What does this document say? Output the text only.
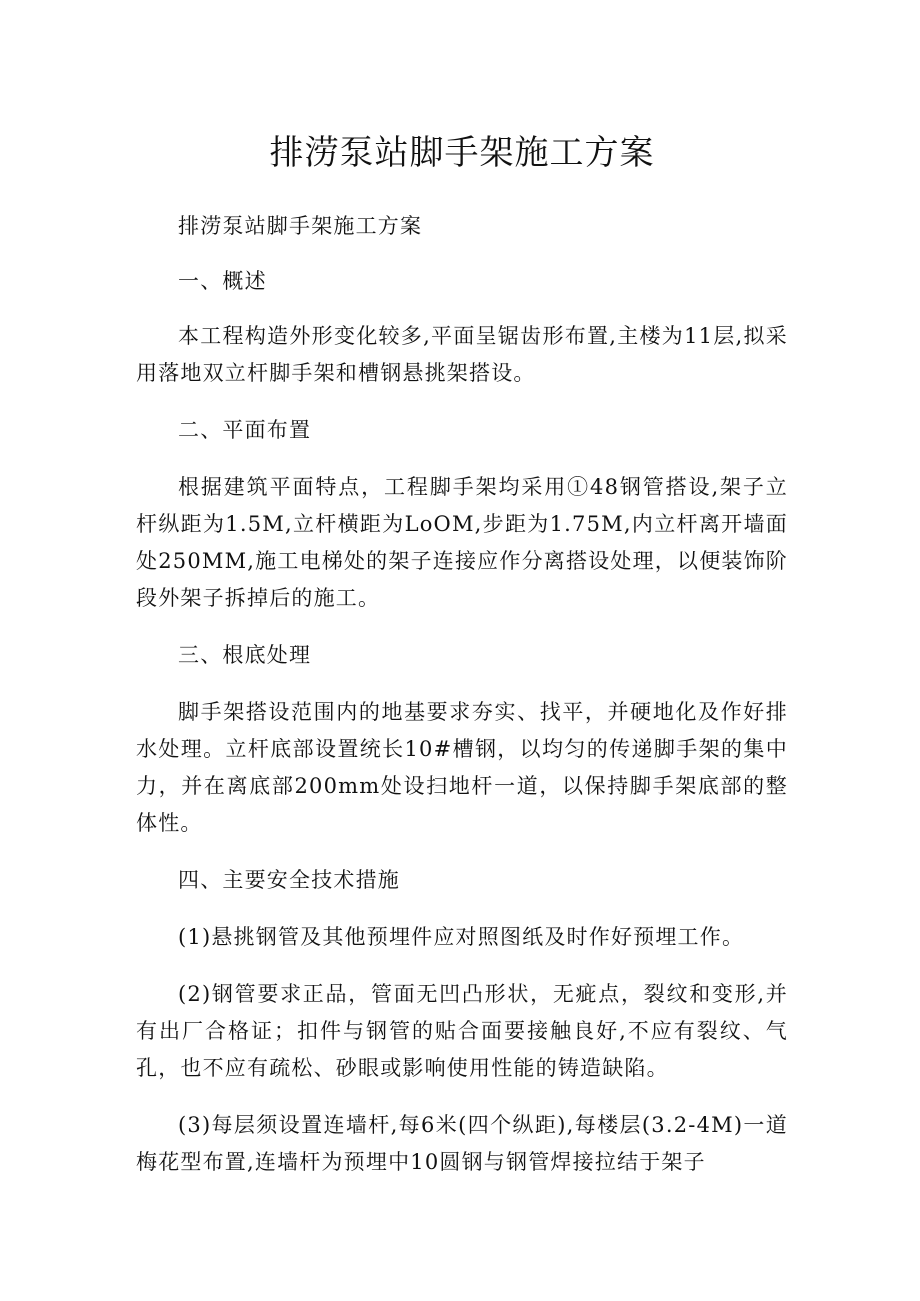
排涝泵站脚手架施工方案

排涝泵站脚手架施工方案

一、概述

本工程构造外形变化较多,平面呈锯齿形布置,主楼为11层,拟采用落地双立杆脚手架和槽钢悬挑架搭设。

二、平面布置

根据建筑平面特点，工程脚手架均采用①48钢管搭设,架子立杆纵距为1.5M,立杆横距为LoOM,步距为1.75M,内立杆离开墙面处250MM,施工电梯处的架子连接应作分离搭设处理，以便装饰阶段外架子拆掉后的施工。

三、根底处理

脚手架搭设范围内的地基要求夯实、找平，并硬地化及作好排水处理。立杆底部设置统长10#槽钢，以均匀的传递脚手架的集中力，并在离底部200mm处设扫地杆一道，以保持脚手架底部的整体性。

四、主要安全技术措施

(1)悬挑钢管及其他预埋件应对照图纸及时作好预埋工作。

(2)钢管要求正品，管面无凹凸形状，无疵点，裂纹和变形,并有出厂合格证；扣件与钢管的贴合面要接触良好,不应有裂纹、气孔，也不应有疏松、砂眼或影响使用性能的铸造缺陷。

(3)每层须设置连墙杆,每6米(四个纵距),每楼层(3.2-4M)一道梅花型布置,连墙杆为预埋中10圆钢与钢管焊接拉结于架子
